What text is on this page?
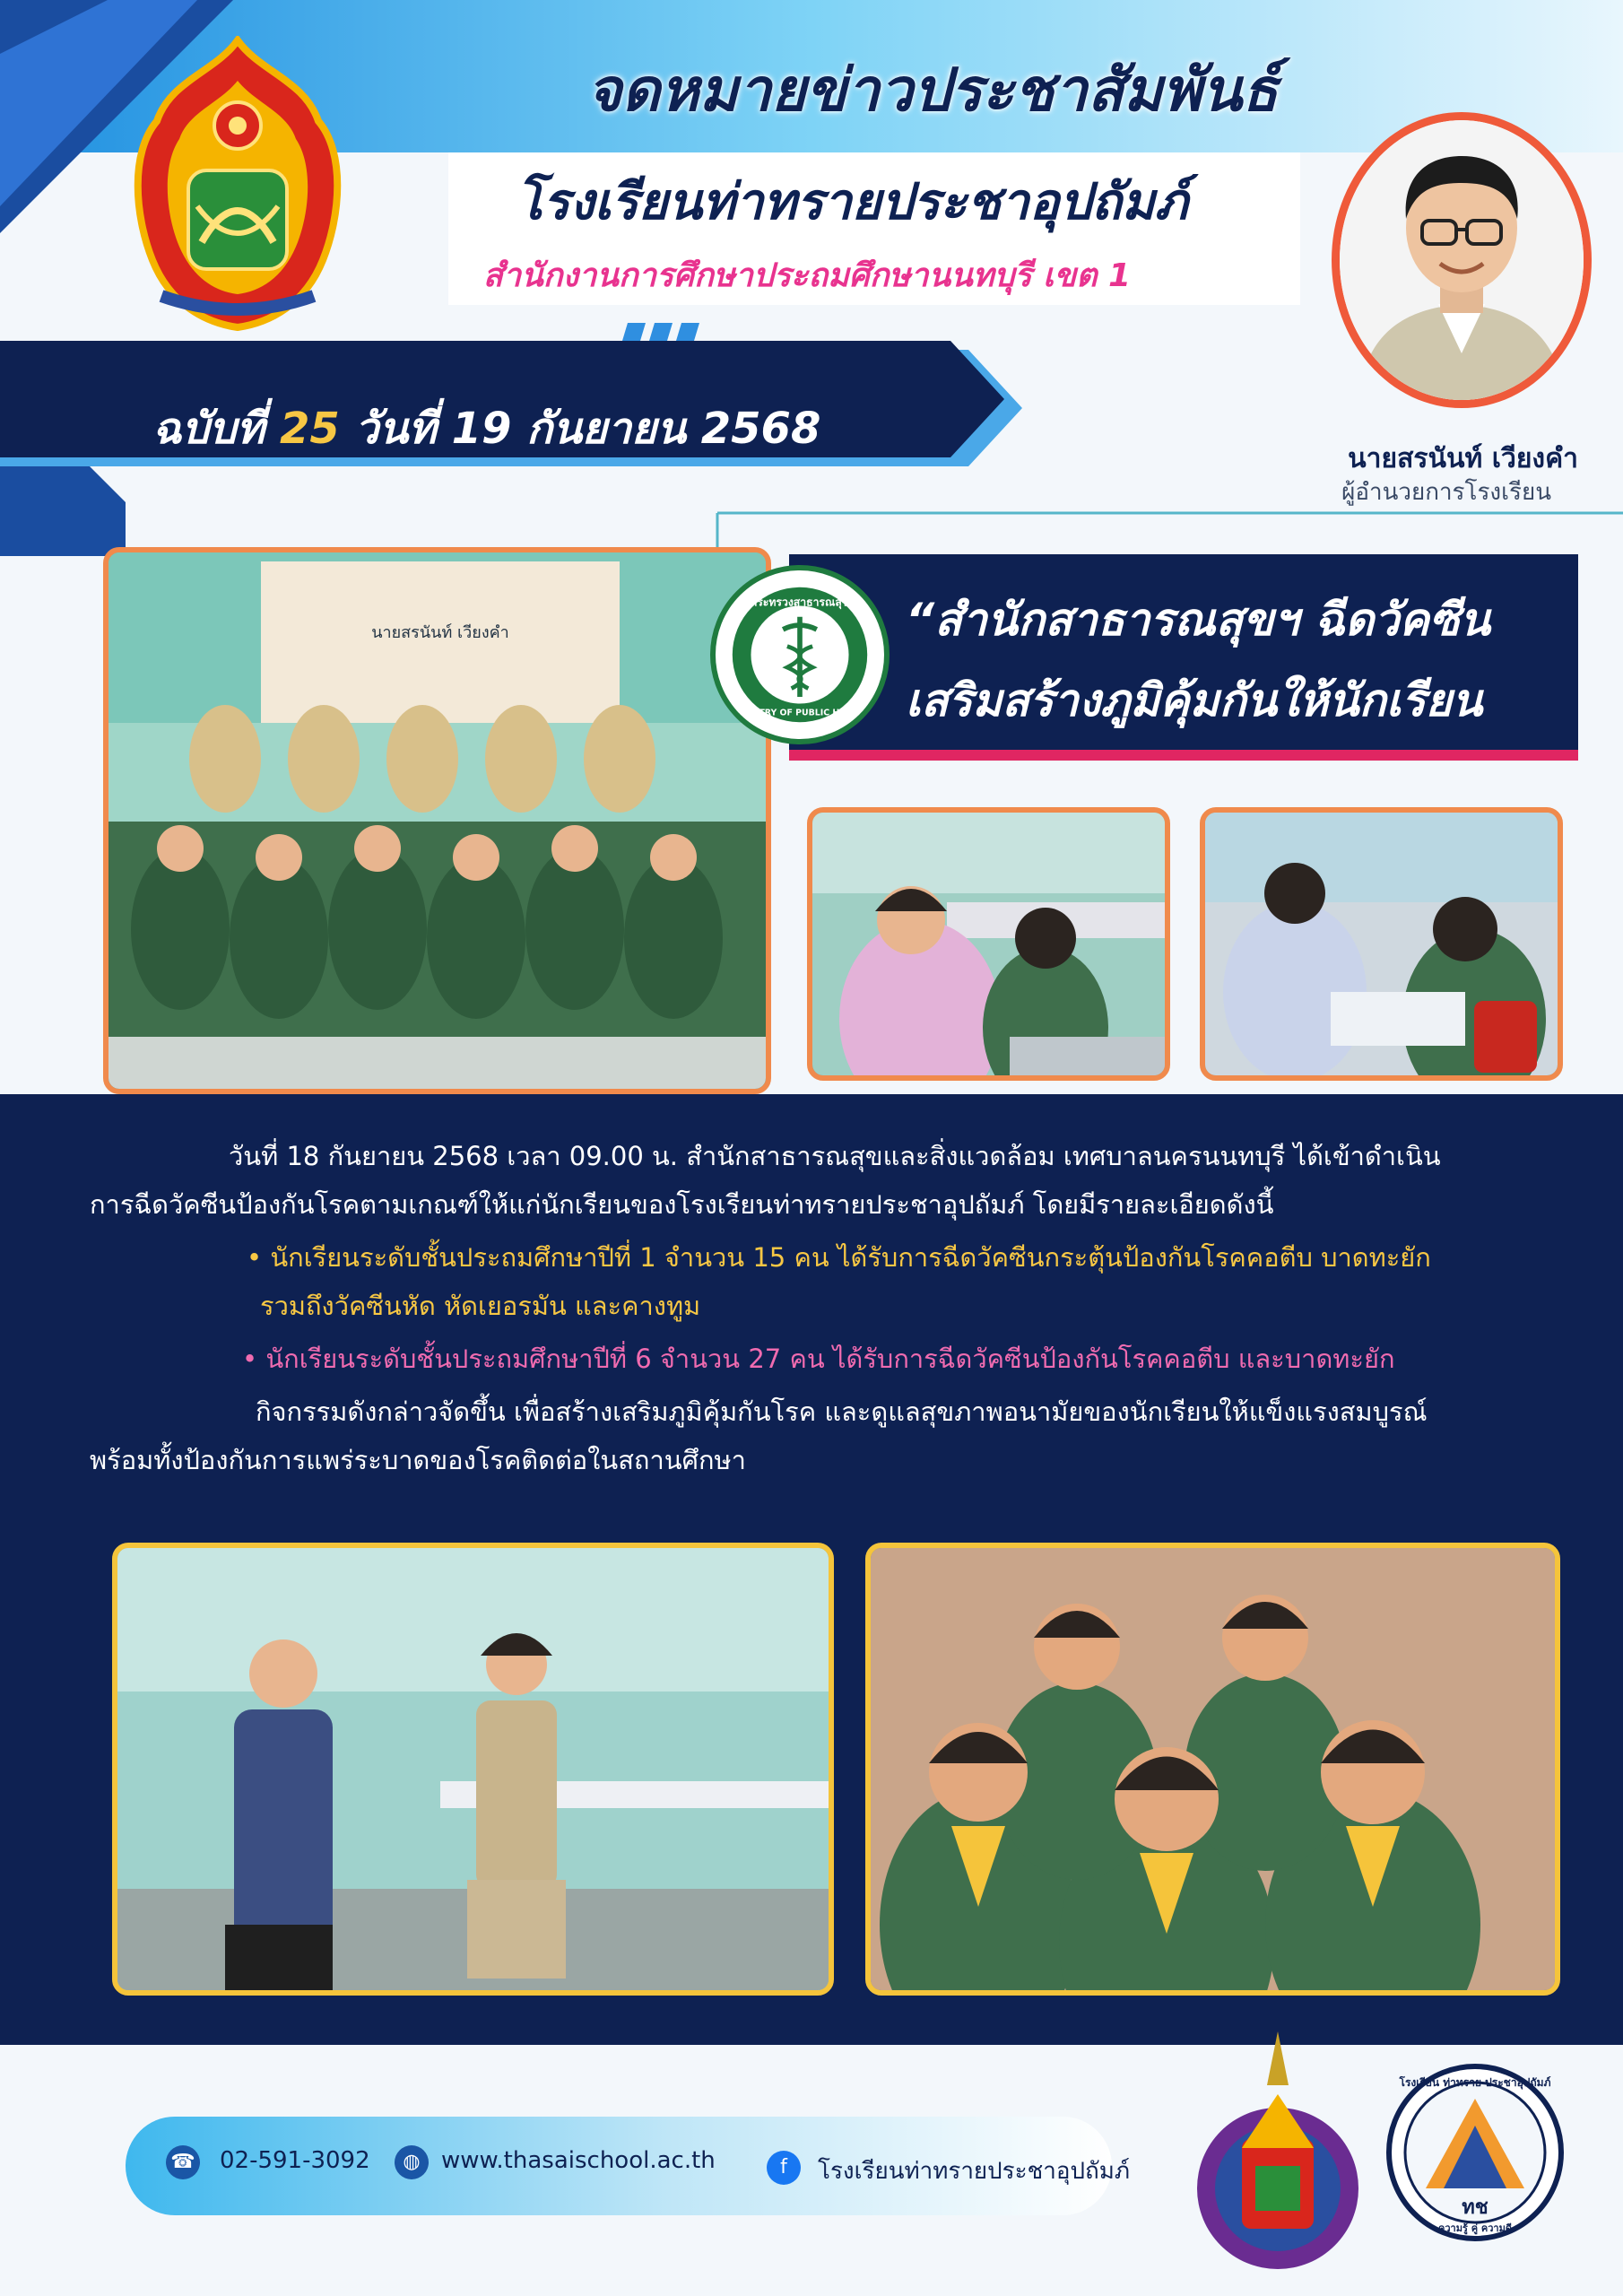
จดหมายข่าวประชาสัมพันธ์
โรงเรียนท่าทรายประชาอุปถัมภ์
สำนักงานการศึกษาประถมศึกษานนทบุรี เขต 1
ฉบับที่ 25 วันที่ 19 กันยายน 2568
นายสรนันท์ เวียงคำ
ผู้อำนวยการโรงเรียน
นายสรนันท์ เวียงคำ	“สำนักสาธารณสุขฯ ฉีดวัคซีน
เสริมสร้างภูมิคุ้มกันให้นักเรียน
กระทรวงสาธารณสุข
MINISTRY OF PUBLIC HEALTH
วันที่ 18 กันยายน 2568 เวลา 09.00 น. สำนักสาธารณสุขและสิ่งแวดล้อม เทศบาลนครนนทบุรี ได้เข้าดำเนิน
การฉีดวัคซีนป้องกันโรคตามเกณฑ์ให้แก่นักเรียนของโรงเรียนท่าทรายประชาอุปถัมภ์ โดยมีรายละเอียดดังนี้
• นักเรียนระดับชั้นประถมศึกษาปีที่ 1 จำนวน 15 คน ได้รับการฉีดวัคซีนกระตุ้นป้องกันโรคคอตีบ บาดทะยัก
รวมถึงวัคซีนหัด หัดเยอรมัน และคางทูม
• นักเรียนระดับชั้นประถมศึกษาปีที่ 6 จำนวน 27 คน ได้รับการฉีดวัคซีนป้องกันโรคคอตีบ และบาดทะยัก
กิจกรรมดังกล่าวจัดขึ้น เพื่อสร้างเสริมภูมิคุ้มกันโรค และดูแลสุขภาพอนามัยของนักเรียนให้แข็งแรงสมบูรณ์
พร้อมทั้งป้องกันการแพร่ระบาดของโรคติดต่อในสถานศึกษา
☎ 02-591-3092	◍ www.thasaischool.ac.th	f	โรงเรียนท่าทรายประชาอุปถัมภ์
โรงเรียน ท่าทราย ประชาอุปถัมภ์
ทช
ความรู้ คู่ ความดี
